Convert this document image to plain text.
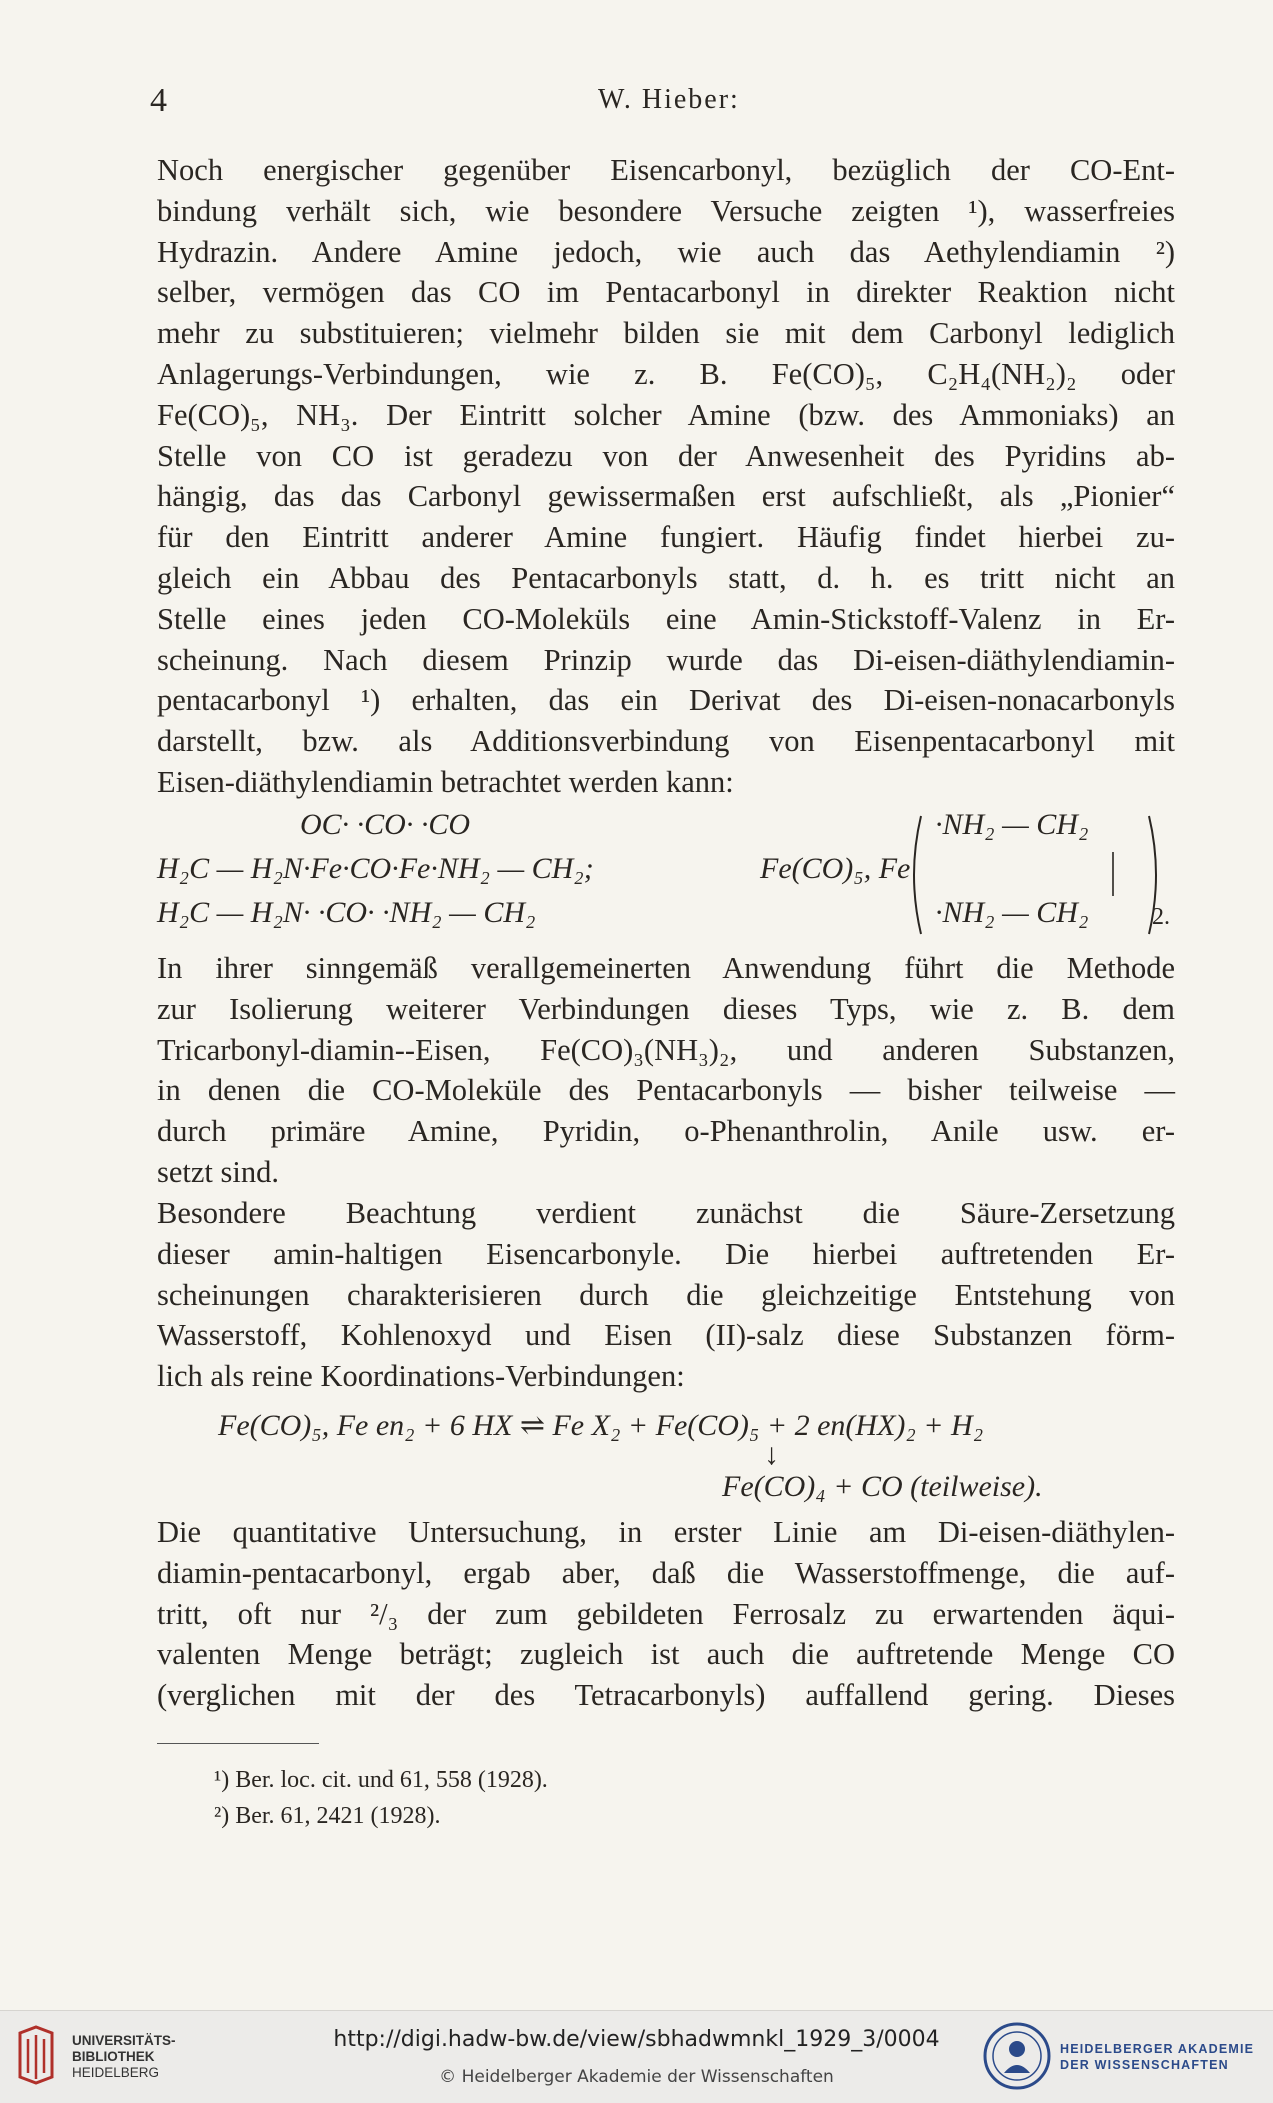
4	W. Hieber:
Noch energischer gegenüber Eisencarbonyl, bezüglich der CO-Ent-
bindung verhält sich, wie besondere Versuche zeigten ¹), wasserfreies
Hydrazin. Andere Amine jedoch, wie auch das Aethylendiamin ²)
selber, vermögen das CO im Pentacarbonyl in direkter Reaktion nicht
mehr zu substituieren; vielmehr bilden sie mit dem Carbonyl lediglich
Anlagerungs-Verbindungen, wie z. B. Fe(CO)₅, C₂H₄(NH₂)₂ oder
Fe(CO)₅, NH₃. Der Eintritt solcher Amine (bzw. des Ammoniaks) an
Stelle von CO ist geradezu von der Anwesenheit des Pyridins ab-
hängig, das das Carbonyl gewissermaßen erst aufschließt, als „Pionier“
für den Eintritt anderer Amine fungiert. Häufig findet hierbei zu-
gleich ein Abbau des Pentacarbonyls statt, d. h. es tritt nicht an
Stelle eines jeden CO-Moleküls eine Amin-Stickstoff-Valenz in Er-
scheinung. Nach diesem Prinzip wurde das Di-eisen-diäthylendiamin-
pentacarbonyl ¹) erhalten, das ein Derivat des Di-eisen-nonacarbonyls
darstellt, bzw. als Additionsverbindung von Eisenpentacarbonyl mit
Eisen-diäthylendiamin betrachtet werden kann:
OC· ·CO· ·CO
H₂C — H₂N·Fe·CO·Fe·NH₂ — CH₂;
H₂C — H₂N· ·CO· ·NH₂ — CH₂
Fe(CO)₅, Fe
·NH₂ — CH₂
·NH₂ — CH₂	2.
In ihrer sinngemäß verallgemeinerten Anwendung führt die Methode
zur Isolierung weiterer Verbindungen dieses Typs, wie z. B. dem
Tricarbonyl-diamin--Eisen, Fe(CO)₃(NH₃)₂, und anderen Substanzen,
in denen die CO-Moleküle des Pentacarbonyls — bisher teilweise —
durch primäre Amine, Pyridin, o-Phenanthrolin, Anile usw. er-
setzt sind.
Besondere Beachtung verdient zunächst die Säure-Zersetzung
dieser amin-haltigen Eisencarbonyle. Die hierbei auftretenden Er-
scheinungen charakterisieren durch die gleichzeitige Entstehung von
Wasserstoff, Kohlenoxyd und Eisen (II)-salz diese Substanzen förm-
lich als reine Koordinations-Verbindungen:
Fe(CO)₅, Fe en₂ + 6 HX ⇌ Fe X₂ + Fe(CO)₅ + 2 en(HX)₂ + H₂
↓
Fe(CO)₄ + CO (teilweise).
Die quantitative Untersuchung, in erster Linie am Di-eisen-diäthylen-
diamin-pentacarbonyl, ergab aber, daß die Wasserstoffmenge, die auf-
tritt, oft nur ²/₃ der zum gebildeten Ferrosalz zu erwartenden äqui-
valenten Menge beträgt; zugleich ist auch die auftretende Menge CO
(verglichen mit der des Tetracarbonyls) auffallend gering. Dieses
¹) Ber. loc. cit. und 61, 558 (1928).
²) Ber. 61, 2421 (1928).
UNIVERSITÄTS-
BIBLIOTHEK
HEIDELBERG
http://digi.hadw-bw.de/view/sbhadwmnkl_1929_3/0004
© Heidelberger Akademie der Wissenschaften
HEIDELBERGER AKADEMIE
DER WISSENSCHAFTEN
